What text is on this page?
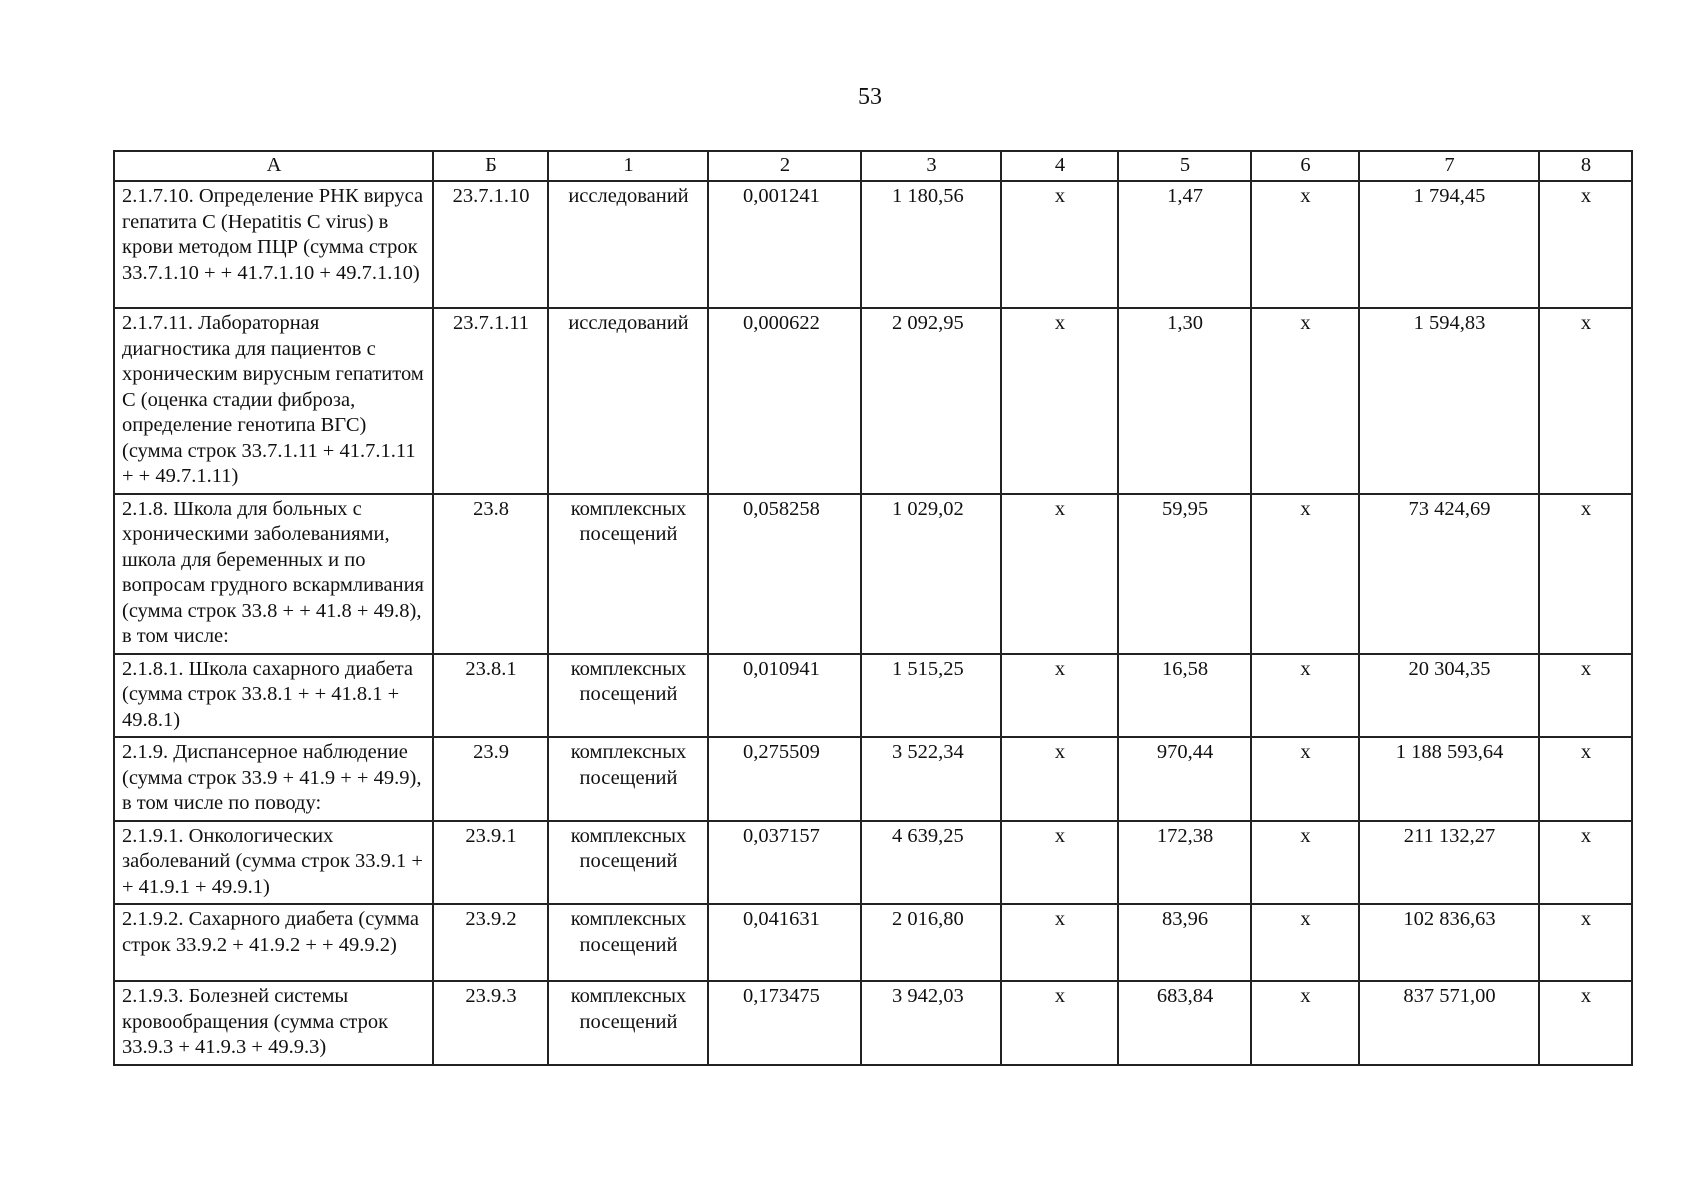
53
А	Б	1	2	3	4	5	6	7	8
2.1.7.10. Определение РНК вируса гепатита С (Hepatitis C virus) в крови методом ПЦР (сумма строк 33.7.1.10 + + 41.7.1.10 + 49.7.1.10)	23.7.1.10	исследований	0,001241	1 180,56	х	1,47	х	1 794,45	х
2.1.7.11. Лабораторная диагностика для пациентов с хроническим вирусным гепатитом С (оценка стадии фиброза, определение генотипа ВГС) (сумма строк 33.7.1.11 + 41.7.1.11 + + 49.7.1.11)	23.7.1.11	исследований	0,000622	2 092,95	х	1,30	х	1 594,83	х
2.1.8. Школа для больных с хроническими заболеваниями, школа для беременных и по вопросам грудного вскармливания (сумма строк 33.8 + + 41.8 + 49.8), в том числе:	23.8	комплексных посещений	0,058258	1 029,02	х	59,95	х	73 424,69	х
2.1.8.1. Школа сахарного диабета (сумма строк 33.8.1 + + 41.8.1 + 49.8.1)	23.8.1	комплексных посещений	0,010941	1 515,25	х	16,58	х	20 304,35	х
2.1.9. Диспансерное наблюдение (сумма строк 33.9 + 41.9 + + 49.9), в том числе по поводу:	23.9	комплексных посещений	0,275509	3 522,34	х	970,44	х	1 188 593,64	х
2.1.9.1. Онкологических заболеваний (сумма строк 33.9.1 + + 41.9.1 + 49.9.1)	23.9.1	комплексных посещений	0,037157	4 639,25	х	172,38	х	211 132,27	х
2.1.9.2. Сахарного диабета (сумма строк 33.9.2 + 41.9.2 + + 49.9.2)	23.9.2	комплексных посещений	0,041631	2 016,80	х	83,96	х	102 836,63	х
2.1.9.3. Болезней системы кровообращения (сумма строк 33.9.3 + 41.9.3 + 49.9.3)	23.9.3	комплексных посещений	0,173475	3 942,03	х	683,84	х	837 571,00	х
